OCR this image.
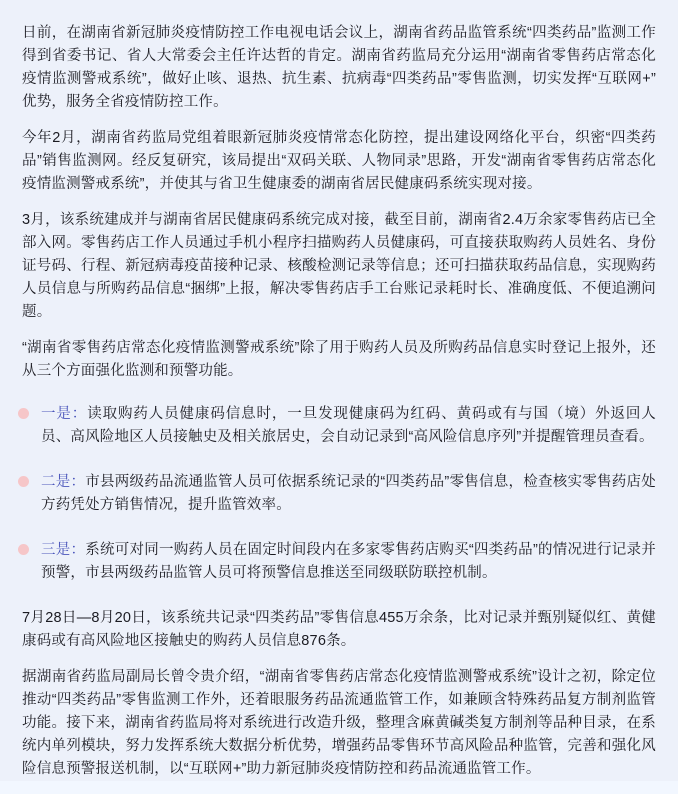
日前，在湖南省新冠肺炎疫情防控工作电视电话会议上，湖南省药品监管系统“四类药品”监测工作得到省委书记、省人大常委会主任许达哲的肯定。湖南省药监局充分运用“湖南省零售药店常态化疫情监测警戒系统”，做好止咳、退热、抗生素、抗病毒“四类药品”零售监测，切实发挥“互联网+”优势，服务全省疫情防控工作。

今年2月，湖南省药监局党组着眼新冠肺炎疫情常态化防控，提出建设网络化平台，织密“四类药品”销售监测网。经反复研究，该局提出“双码关联、人物同录”思路，开发“湖南省零售药店常态化疫情监测警戒系统”，并使其与省卫生健康委的湖南省居民健康码系统实现对接。

3月，该系统建成并与湖南省居民健康码系统完成对接，截至目前，湖南省2.4万余家零售药店已全部入网。零售药店工作人员通过手机小程序扫描购药人员健康码，可直接获取购药人员姓名、身份证号码、行程、新冠病毒疫苗接种记录、核酸检测记录等信息；还可扫描获取药品信息，实现购药人员信息与所购药品信息“捆绑”上报，解决零售药店手工台账记录耗时长、准确度低、不便追溯问题。

“湖南省零售药店常态化疫情监测警戒系统”除了用于购药人员及所购药品信息实时登记上报外，还从三个方面强化监测和预警功能。

一是：读取购药人员健康码信息时，一旦发现健康码为红码、黄码或有与国（境）外返回人员、高风险地区人员接触史及相关旅居史，会自动记录到“高风险信息序列”并提醒管理员查看。
二是：市县两级药品流通监管人员可依据系统记录的“四类药品”零售信息，检查核实零售药店处方药凭处方销售情况，提升监管效率。
三是：系统可对同一购药人员在固定时间段内在多家零售药店购买“四类药品”的情况进行记录并预警，市县两级药品监管人员可将预警信息推送至同级联防联控机制。

7月28日—8月20日，该系统共记录“四类药品”零售信息455万余条，比对记录并甄别疑似红、黄健康码或有高风险地区接触史的购药人员信息876条。

据湖南省药监局副局长曾令贵介绍，“湖南省零售药店常态化疫情监测警戒系统”设计之初，除定位推动“四类药品”零售监测工作外，还着眼服务药品流通监管工作，如兼顾含特殊药品复方制剂监管功能。接下来，湖南省药监局将对系统进行改造升级，整理含麻黄碱类复方制剂等品种目录，在系统内单列模块，努力发挥系统大数据分析优势，增强药品零售环节高风险品种监管，完善和强化风险信息预警报送机制，以“互联网+”助力新冠肺炎疫情防控和药品流通监管工作。
